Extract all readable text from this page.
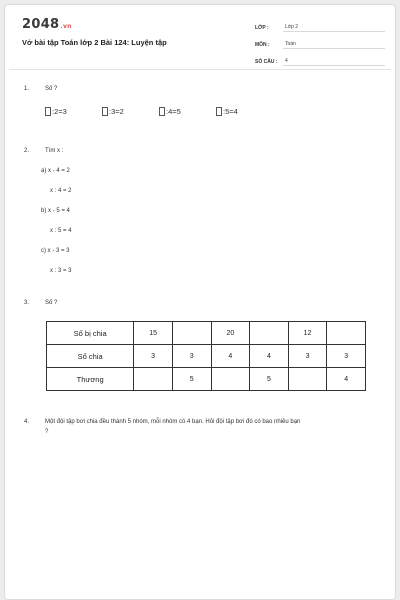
2048.vn
Vở bài tập Toán lớp 2 Bài 124: Luyện tập
LỚP :	Lớp 2
MÔN :	Toán
SỐ CÂU :	4
1.	Số ?
:2=3	:3=2	:4=5	:5=4
2.	Tìm x :
a) x - 4 = 2
x : 4 = 2
b) x - 5 = 4
x : 5 = 4
c) x - 3 = 3
x : 3 = 3
3.	Số ?
Số bị chia	15		20		12	
Số chia	3	3	4	4	3	3
Thương		5		5		4
4.	Một đội tập bơi chia đều thành 5 nhóm, mỗi nhóm có 4 bạn. Hỏi đội tập bơi đó có bao nhiêu bạn
?
